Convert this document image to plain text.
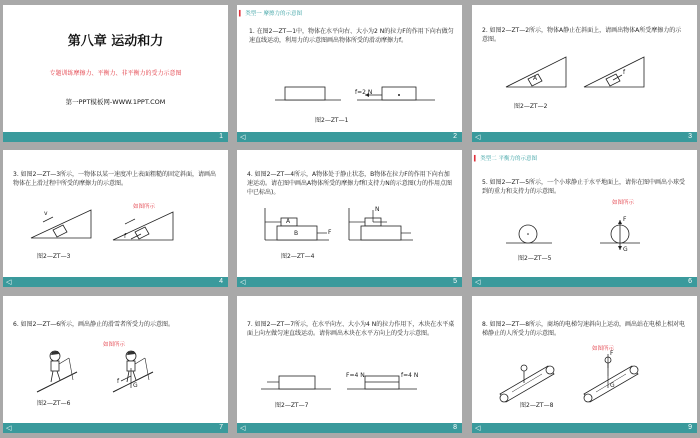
第八章 运动和力
专题训练摩擦力、平衡力、非平衡力的受力示意图
第一PPT模板网-WWW.1PPT.COM
1
▍ 类型一 摩擦力的示意图
1. 在图2—ZT—1中，物体在水平向右、大小为2 N的拉力F的作用下向右做匀速直线运动，利用力的示意图画出物体所受的滑动摩擦力f。
f=2 N
图2—ZT—1
◁	2
2. 如图2—ZT—2所示，物体A静止在斜面上，请画出物体A所受摩擦力的示意图。
A
f
图2—ZT—2
◁	3
3. 如图2—ZT—3所示，一物体以某一速度冲上表面粗糙的固定斜面，请画出物体在上滑过程中所受的摩擦力的示意图。
如图所示
v
f
图2—ZT—3
◁	4
4. 如图2—ZT—4所示，A物体处于静止状态，B物体在拉力F的作用下向右加速运动。请在图中画出A物体所受的摩擦力f和支持力N的示意图(力的作用点图中已标出)。
A
B	F
N
图2—ZT—4
◁	5
▍ 类型二 平衡力的示意图
5. 如图2—ZT—5所示，一个小球静止于水平地面上，请你在图中画出小球受到的重力和支持力的示意图。
如图所示
F
G
图2—ZT—5
◁	6
6. 如图2—ZT—6所示，画出静止的滑雪者所受力的示意图。
如图所示
f
G
图2—ZT—6
◁	7
7. 如图2—ZT—7所示，在水平向左、大小为4 N的拉力作用下，木块在水平桌面上向左做匀速直线运动。请你画出木块在水平方向上的受力示意图。
F=4 N	f=4 N
图2—ZT—7
◁	8
8. 如图2—ZT—8所示，商场的电梯匀速斜向上运动，画出站在电梯上相对电梯静止的人所受力的示意图。
如图所示
F
G
图2—ZT—8
◁	9
